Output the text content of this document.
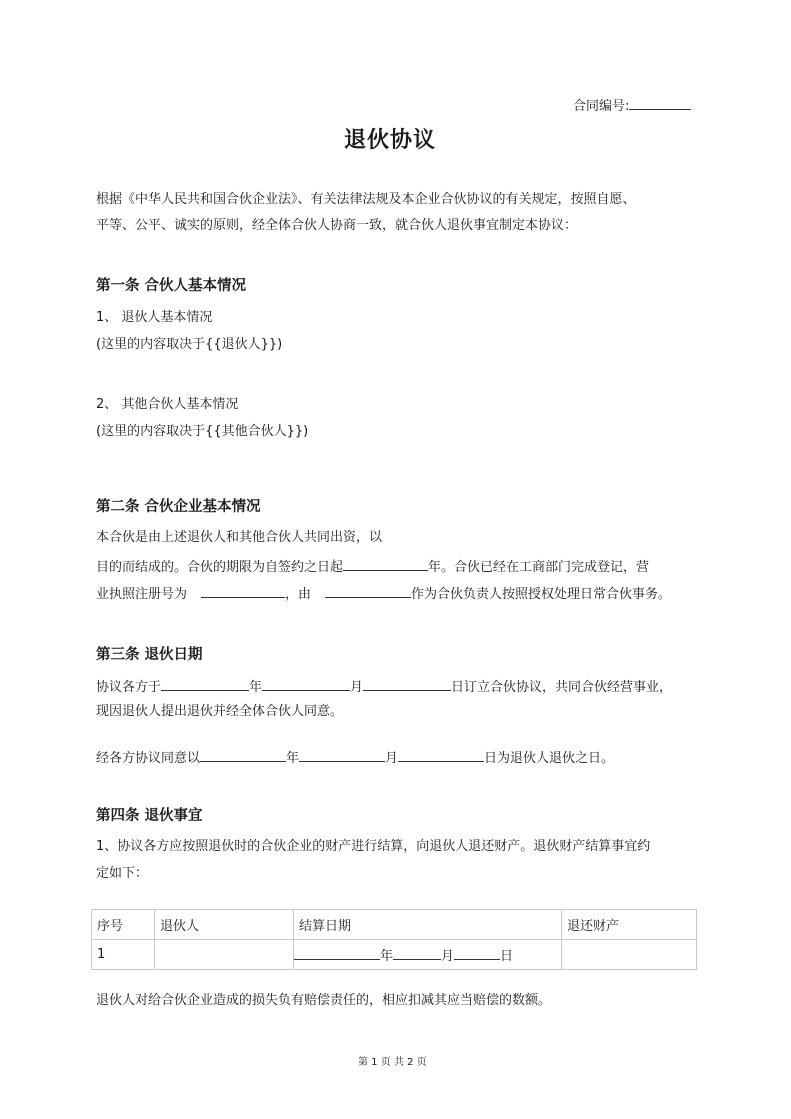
合同编号:
退伙协议
根据《中华人民共和国合伙企业法》、有关法律法规及本企业合伙协议的有关规定，按照自愿、
平等、公平、诚实的原则，经全体合伙人协商一致，就合伙人退伙事宜制定本协议：
第一条 合伙人基本情况
1、 退伙人基本情况
(这里的内容取决于{{退伙人}})
2、 其他合伙人基本情况
(这里的内容取决于{{其他合伙人}})
第二条 合伙企业基本情况
本合伙是由上述退伙人和其他合伙人共同出资，以
目的而结成的。合伙的期限为自签约之日起	年。合伙已经在工商部门完成登记，营
业执照注册号为	，由	作为合伙负责人按照授权处理日常合伙事务。
第三条 退伙日期
协议各方于	年	月	日订立合伙协议，共同合伙经营事业，
现因退伙人提出退伙并经全体合伙人同意。
经各方协议同意以	年	月	日为退伙人退伙之日。
第四条 退伙事宜
1、协议各方应按照退伙时的合伙企业的财产进行结算，向退伙人退还财产。退伙财产结算事宜约
定如下：
序号	退伙人	结算日期	退还财产
1		年 月 日	
退伙人对给合伙企业造成的损失负有赔偿责任的，相应扣减其应当赔偿的数额。
第 1 页 共 2 页
